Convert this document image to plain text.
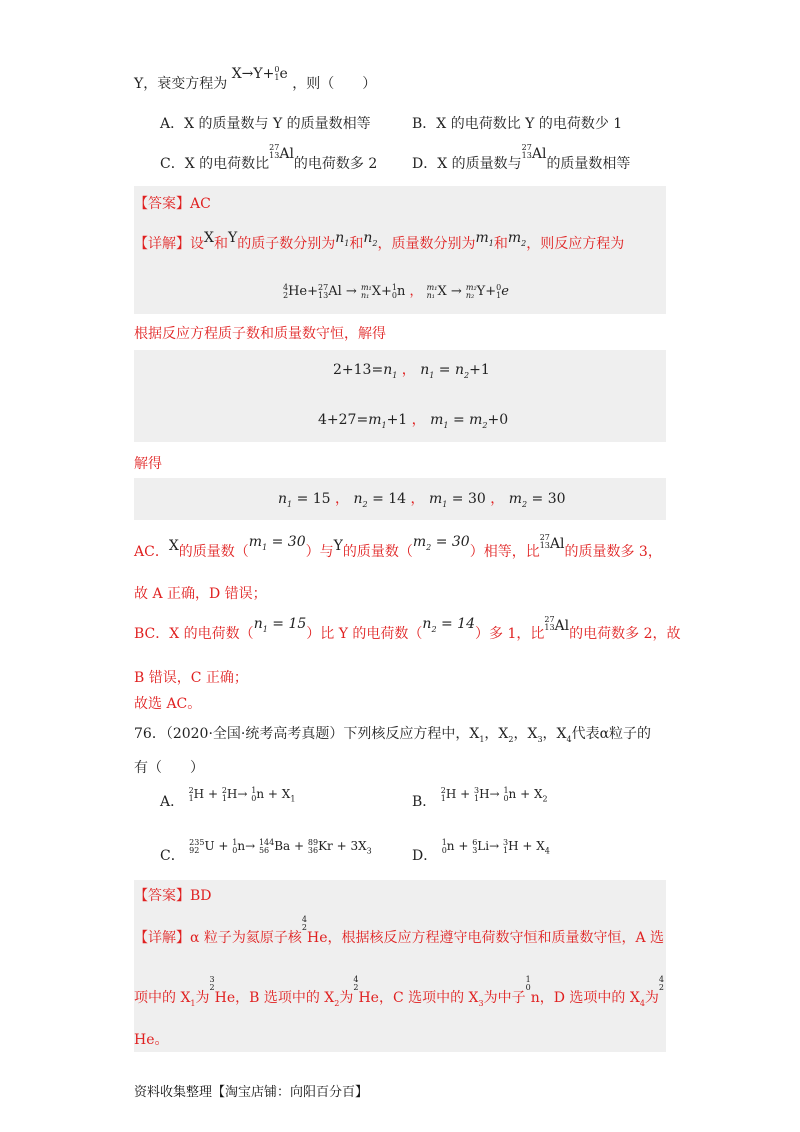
Y，衰变方程为 X→Y+ 0
1 e ，则（　　）
A．X 的质量数与 Y 的质量数相等	B．X 的电荷数比 Y 的电荷数少 1
C．X 的电荷数比
27
13 Al的电荷数多 2 D．X 的质量数与
27
13 Al的质量数相等
【答案】AC
【详解】设X和Y的质子数分别为$n_1$和$n_2$，质量数分别为$m_1$和$m_2$，则反应方程为
4
2 He+ 27
13 Al → m₁
n₁ X+ 1
0 n ， m₁
n₁ X → m₂
n₂ Y+ 0
1 e
根据反应方程质子数和质量数守恒，解得
$2+13=n_1$ ， $n_1 = n_2+1$
$4+27=m_1+1$ ， $m_1 = m_2+0$
解得
$n_1 = 15$ ， $n_2 = 14$ ， $m_1 = 30$ ， $m_2 = 30$
AC．X的质量数$(m_1 = 30)$与Y的质量数$(m_2 = 30)$相等，比
27
13 Al的质量数多 3，
故 A 正确，D 错误；
BC．X 的电荷数$(n_1 = 15)$比 Y 的电荷数$(n_2 = 14)$多 1，比
27
13 Al的电荷数多 2，故
B 错误，C 正确；
故选 AC。
76．（2020·全国·统考高考真题）下列核反应方程中，$X_1$，$X_2$，$X_3$，$X_4$代表α粒子的
有（　　）
A．
2
1 H + 2
1 H→ 1
0 $n + X_1$	B．
2
1 H + 3
1 H→ 1
0 $n + X_2$
C．
235
92 U + 1
0 n→ 144
56 Ba + 89
36 $Kr + 3X_3$	D．
1
0 n + 6
3 Li→ 3
1 $H + X_4$
【答案】BD
【详解】α 粒子为氦原子核
4
2
He，根据核反应方程遵守电荷数守恒和质量数守恒，A 选
项中的 $X_1$为
3
2
He，B 选项中的 $X_2$为
4
2
He，C 选项中的 $X_3$为中子
1
0
n，D 选项中的 $X_4$为
4
2
He。
资料收集整理【淘宝店铺：向阳百分百】
